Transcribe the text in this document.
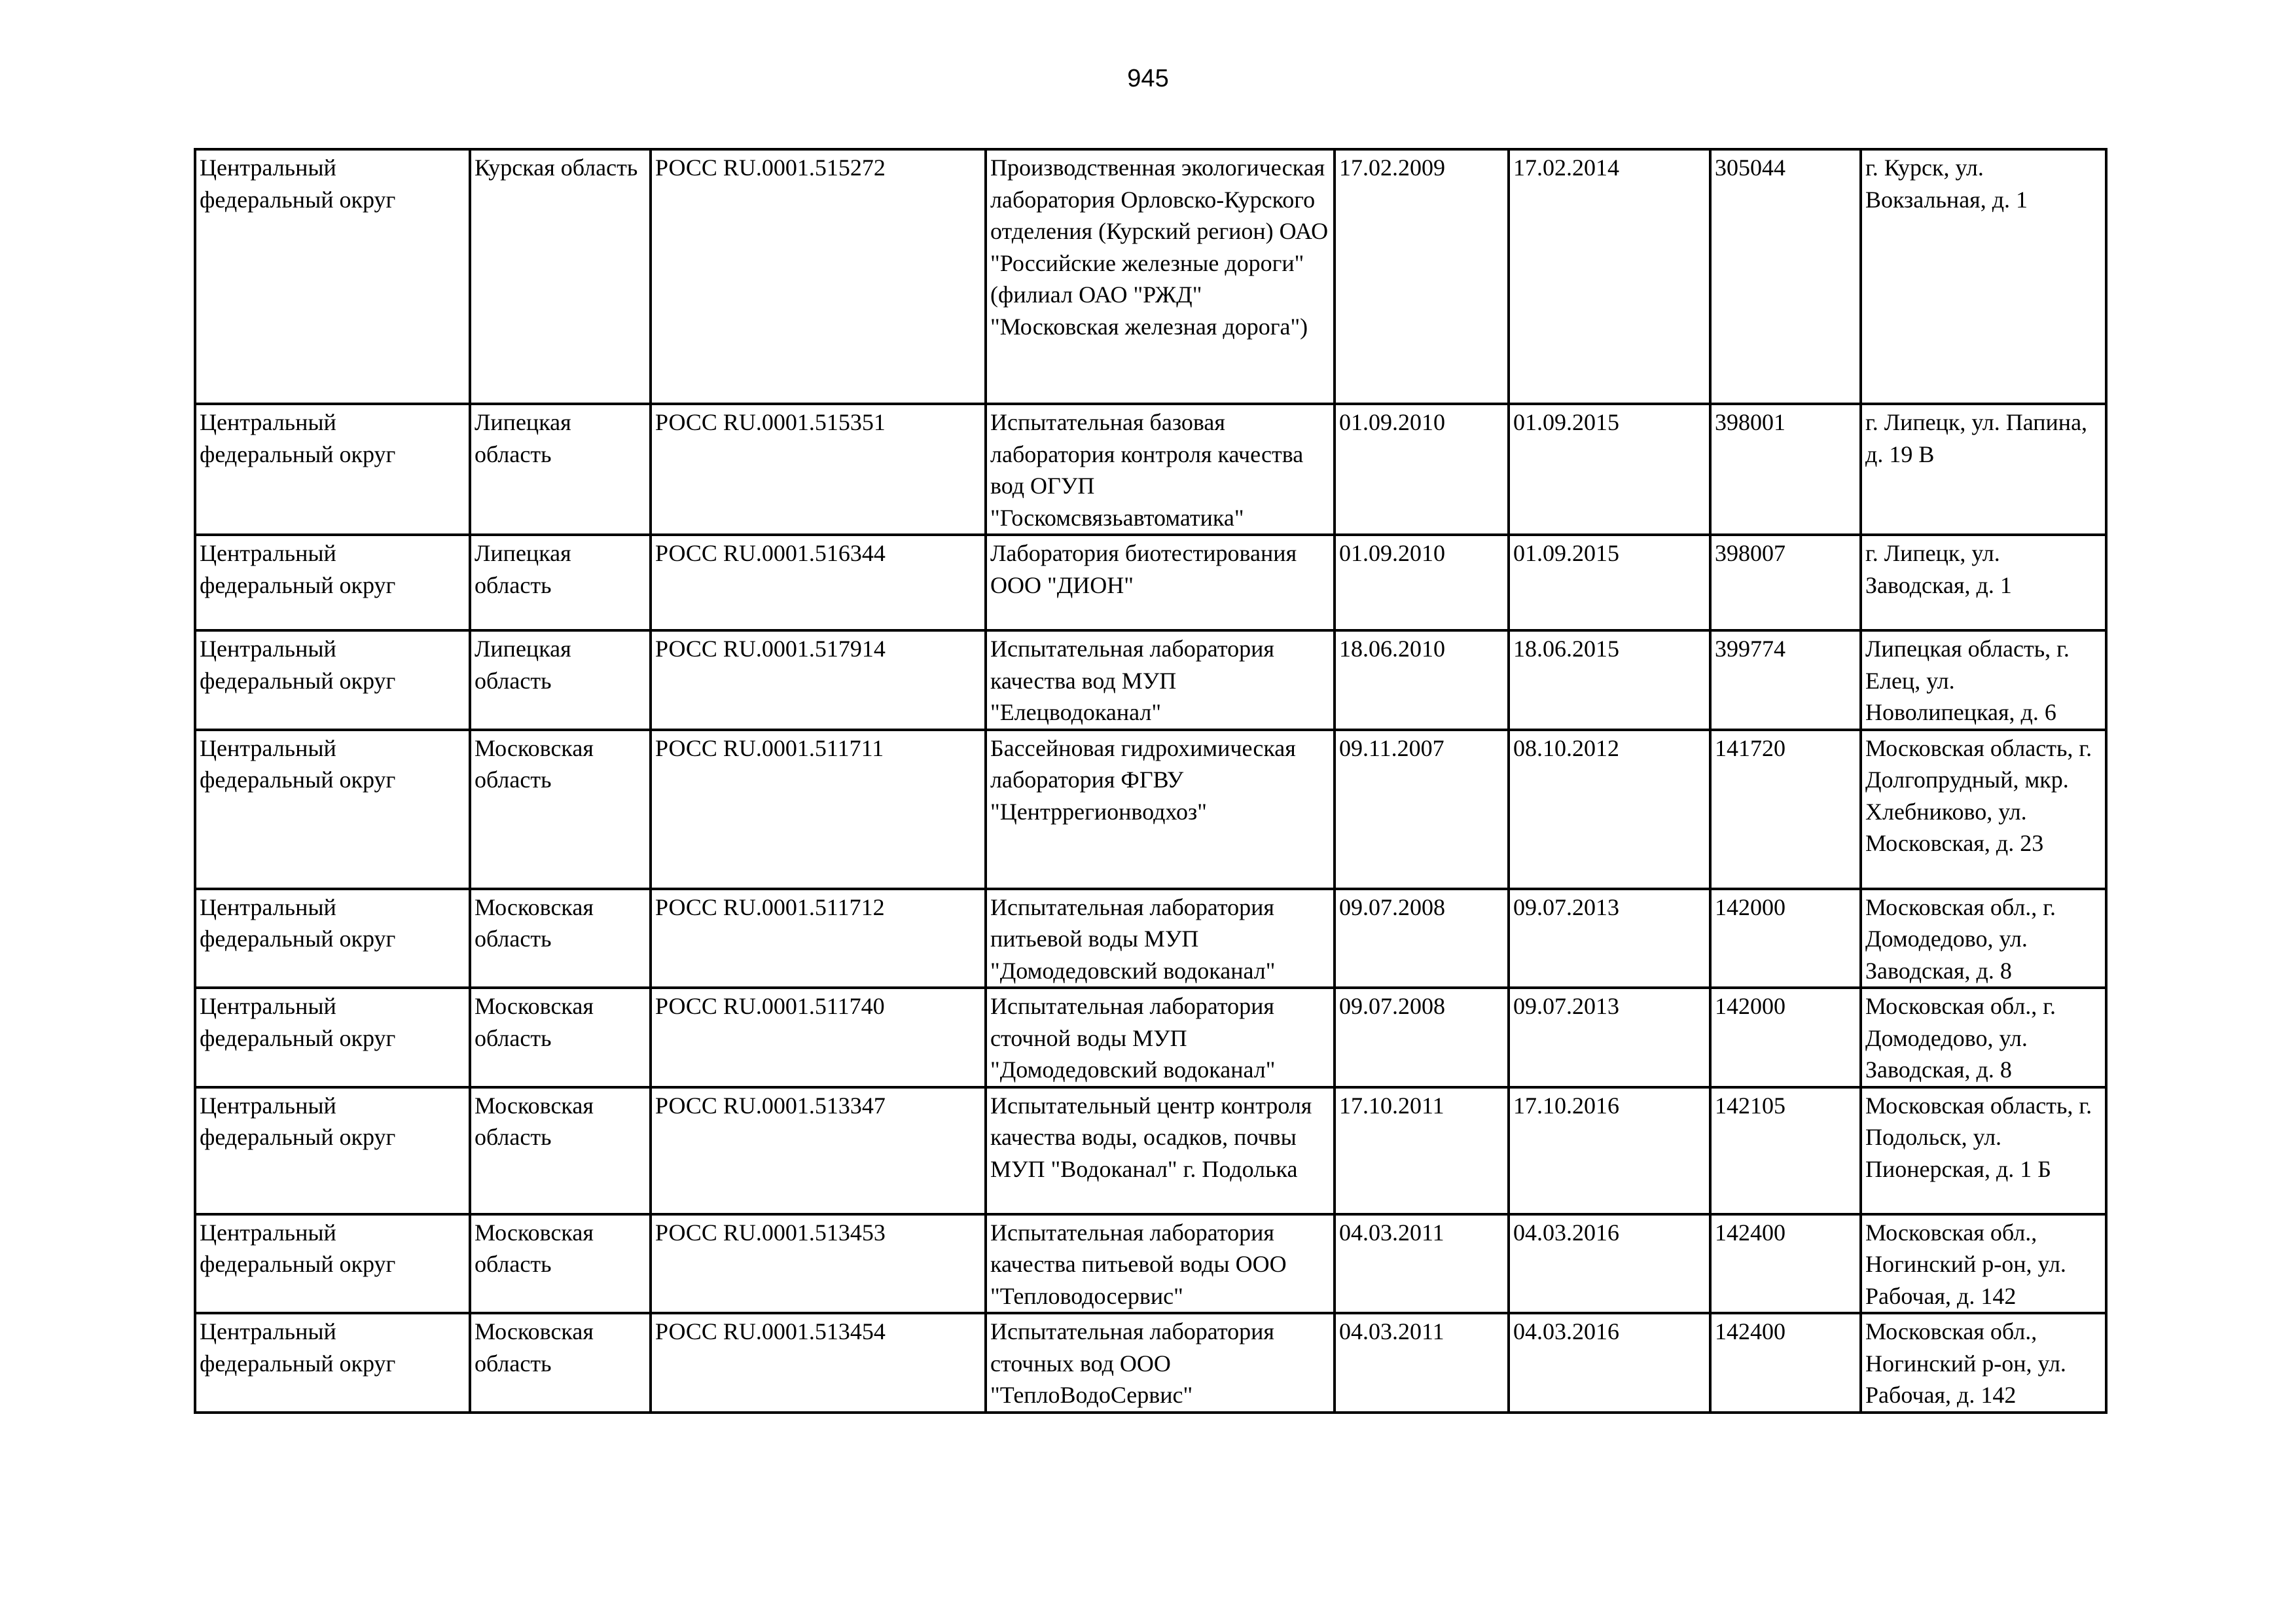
945
Центральный федеральный округ	Курская область	РОСС RU.0001.515272	Производственная экологическая лаборатория Орловско-Курского отделения (Курский регион) ОАО "Российские железные дороги" (филиал ОАО "РЖД" "Московская железная дорога")	17.02.2009	17.02.2014	305044	г. Курск, ул. Вокзальная, д. 1
Центральный федеральный округ	Липецкая область	РОСС RU.0001.515351	Испытательная базовая лаборатория контроля качества вод ОГУП "Госкомсвязьавтоматика"	01.09.2010	01.09.2015	398001	г. Липецк, ул. Папина, д. 19 В
Центральный федеральный округ	Липецкая область	РОСС RU.0001.516344	Лаборатория биотестирования ООО "ДИОН"	01.09.2010	01.09.2015	398007	г. Липецк, ул. Заводская, д. 1
Центральный федеральный округ	Липецкая область	РОСС RU.0001.517914	Испытательная лаборатория качества вод МУП "Елецводоканал"	18.06.2010	18.06.2015	399774	Липецкая область, г. Елец, ул. Новолипецкая, д. 6
Центральный федеральный округ	Московская область	РОСС RU.0001.511711	Бассейновая гидрохимическая лаборатория ФГВУ "Центррегионводхоз"	09.11.2007	08.10.2012	141720	Московская область, г. Долгопрудный, мкр. Хлебниково, ул. Московская, д. 23
Центральный федеральный округ	Московская область	РОСС RU.0001.511712	Испытательная лаборатория питьевой воды МУП "Домодедовский водоканал"	09.07.2008	09.07.2013	142000	Московская обл., г. Домодедово, ул. Заводская, д. 8
Центральный федеральный округ	Московская область	РОСС RU.0001.511740	Испытательная лаборатория сточной воды МУП "Домодедовский водоканал"	09.07.2008	09.07.2013	142000	Московская обл., г. Домодедово, ул. Заводская, д. 8
Центральный федеральный округ	Московская область	РОСС RU.0001.513347	Испытательный центр контроля качества воды, осадков, почвы МУП "Водоканал" г. Подолька	17.10.2011	17.10.2016	142105	Московская область, г. Подольск, ул. Пионерская, д. 1 Б
Центральный федеральный округ	Московская область	РОСС RU.0001.513453	Испытательная лаборатория качества питьевой воды ООО "Тепловодосервис"	04.03.2011	04.03.2016	142400	Московская обл., Ногинский р-он, ул. Рабочая, д. 142
Центральный федеральный округ	Московская область	РОСС RU.0001.513454	Испытательная лаборатория сточных вод ООО "ТеплоВодоСервис"	04.03.2011	04.03.2016	142400	Московская обл., Ногинский р-он, ул. Рабочая, д. 142
